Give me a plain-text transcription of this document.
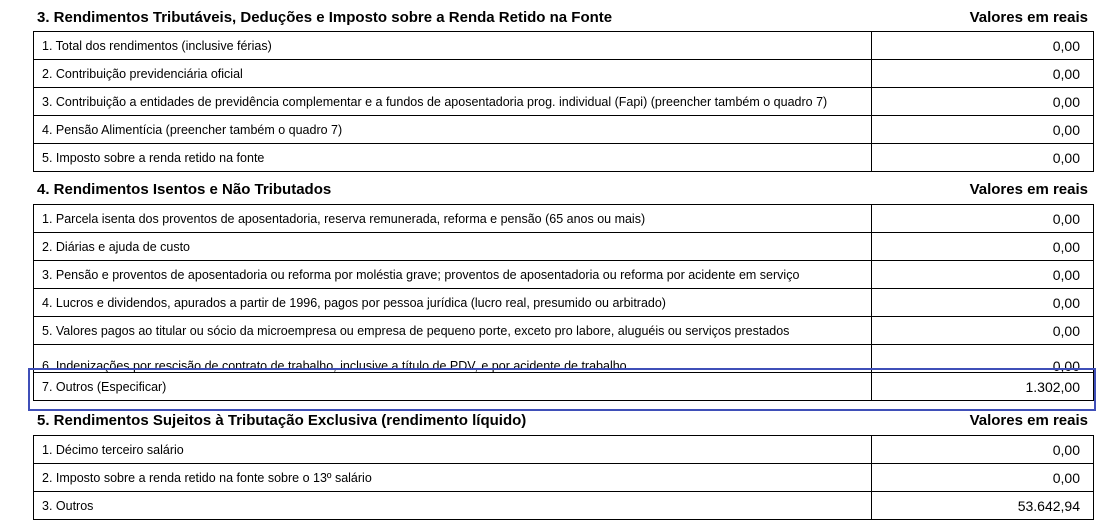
3. Rendimentos Tributáveis, Deduções e Imposto sobre a Renda Retido na Fonte	Valores em reais
1. Total dos rendimentos (inclusive férias)	0,00
2. Contribuição previdenciária oficial	0,00
3. Contribuição a entidades de previdência complementar e a fundos de aposentadoria prog. individual (Fapi) (preencher também o quadro 7)	0,00
4. Pensão Alimentícia (preencher também o quadro 7)	0,00
5. Imposto sobre a renda retido na fonte	0,00
4. Rendimentos Isentos e Não Tributados	Valores em reais
1. Parcela isenta dos proventos de aposentadoria, reserva remunerada, reforma e pensão (65 anos ou mais)	0,00
2. Diárias e ajuda de custo	0,00
3. Pensão e proventos de aposentadoria ou reforma por moléstia grave; proventos de aposentadoria ou reforma por acidente em serviço	0,00
4. Lucros e dividendos, apurados a partir de 1996, pagos por pessoa jurídica (lucro real, presumido ou arbitrado)	0,00
5. Valores pagos ao titular ou sócio da microempresa ou empresa de pequeno porte, exceto pro labore, aluguéis ou serviços prestados	0,00
6. Indenizações por rescisão de contrato de trabalho, inclusive a título de PDV, e por acidente de trabalho	0,00
7. Outros (Especificar)	1.302,00
5. Rendimentos Sujeitos à Tributação Exclusiva (rendimento líquido)	Valores em reais
1. Décimo terceiro salário	0,00
2. Imposto sobre a renda retido na fonte sobre o 13º salário	0,00
3. Outros	53.642,94
